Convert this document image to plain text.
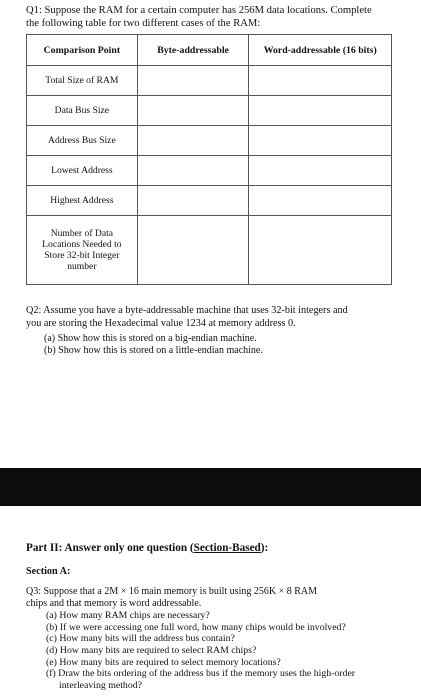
Q1: Suppose the RAM for a certain computer has 256M data locations. Complete
the following table for two different cases of the RAM:
Comparison Point	Byte-addressable	Word-addressable (16 bits)
Total Size of RAM		
Data Bus Size		
Address Bus Size		
Lowest Address		
Highest Address		

Number of Data
Locations Needed to
Store 32-bit Integer
number		

Q2: Assume you have a byte-addressable machine that uses 32-bit integers and
you are storing the Hexadecimal value 1234 at memory address 0.
(a) Show how this is stored on a big-endian machine.
(b) Show how this is stored on a little-endian machine.
Part II: Answer only one question (Section-Based):
Section A:
Q3: Suppose that a 2M × 16 main memory is built using 256K × 8 RAM
chips and that memory is word addressable.
(a) How many RAM chips are necessary?
(b) If we were accessing one full word, how many chips would be involved?
(c) How many bits will the address bus contain?
(d) How many bits are required to select RAM chips?
(e) How many bits are required to select memory locations?
(f) Draw the bits ordering of the address bus if the memory uses the high-order
interleaving method?
